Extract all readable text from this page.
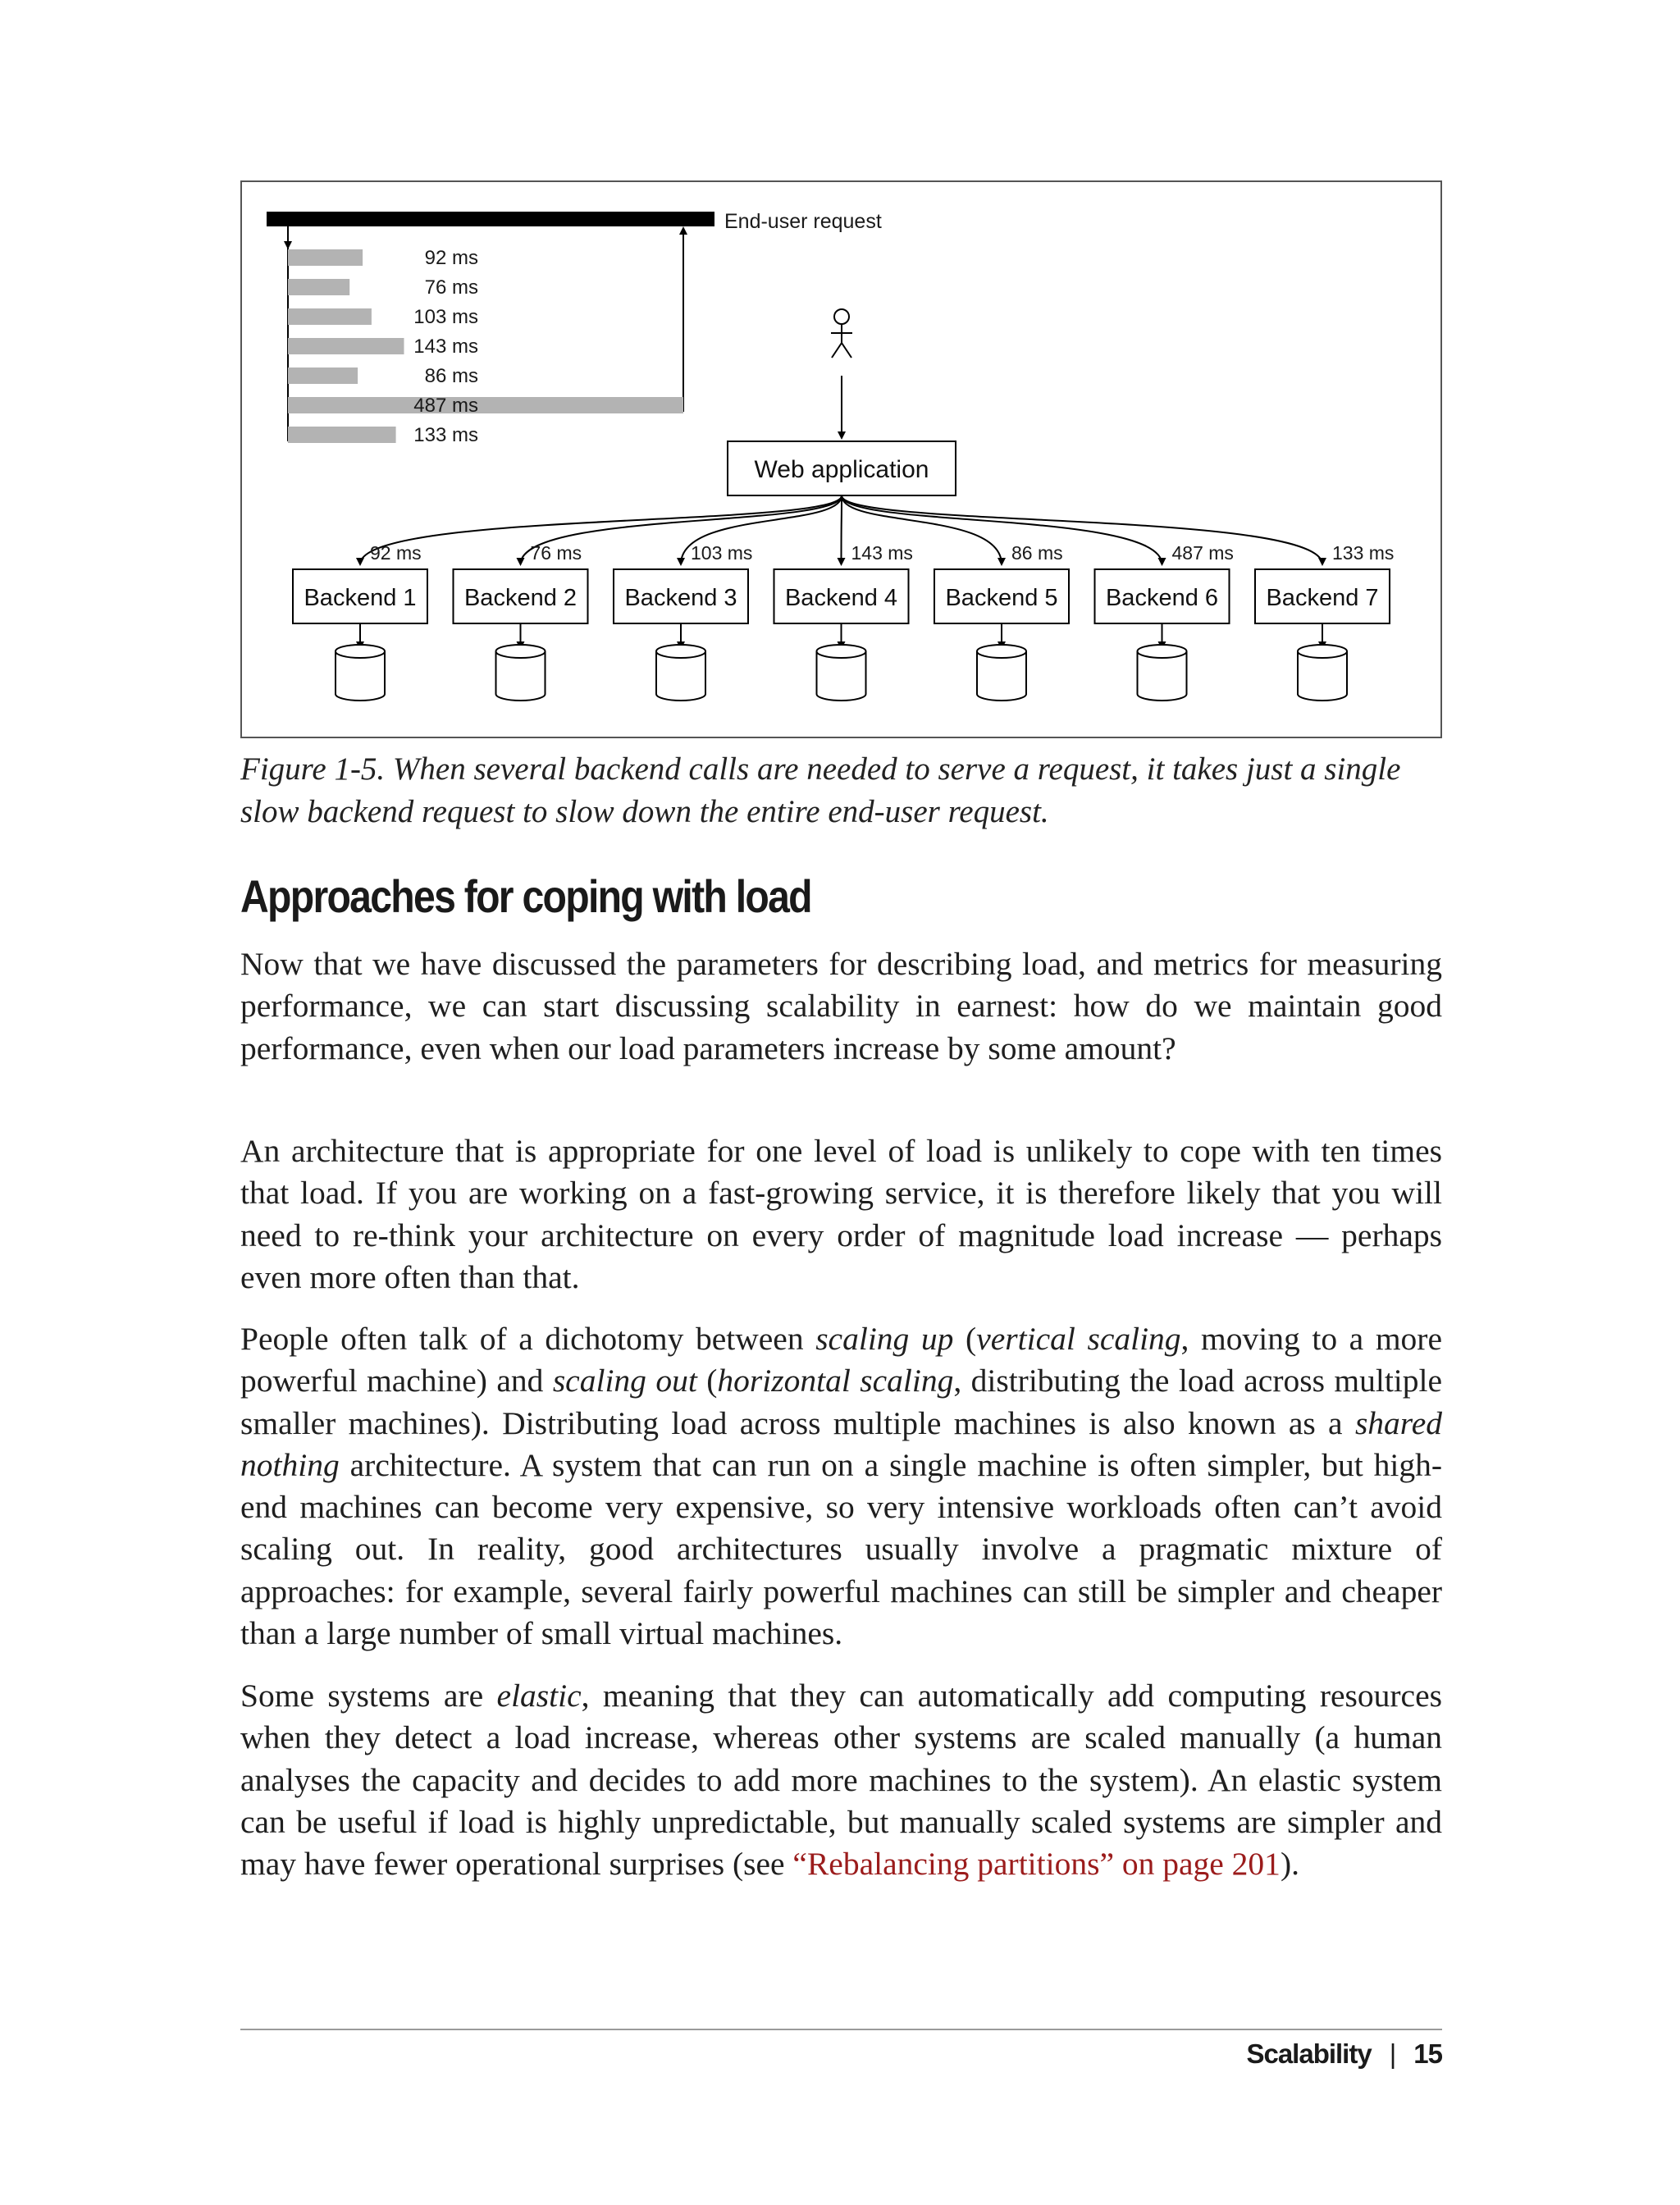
End-user request
92 ms
76 ms
103 ms
143 ms
86 ms
487 ms
133 ms
Web application
92 ms
Backend 1
76 ms
Backend 2
103 ms
Backend 3
143 ms
Backend 4
86 ms
Backend 5
487 ms
Backend 6
133 ms
Backend 7
Figure 1-5. When several backend calls are needed to serve a request, it takes just a single slow backend request to slow down the entire end-user request.
Approaches for coping with load
Now that we have discussed the parameters for describing load, and metrics for measuring performance, we can start discussing scalability in earnest: how do we maintain good performance, even when our load parameters increase by some amount?
An architecture that is appropriate for one level of load is unlikely to cope with ten times that load. If you are working on a fast-growing service, it is therefore likely that you will need to re-think your architecture on every order of magnitude load increase — perhaps even more often than that.
People often talk of a dichotomy between scaling up (vertical scaling, moving to a more powerful machine) and scaling out (horizontal scaling, distributing the load across multiple smaller machines). Distributing load across multiple machines is also known as a shared nothing architecture. A system that can run on a single machine is often simpler, but high-end machines can become very expensive, so very intensive workloads often can’t avoid scaling out. In reality, good architectures usually involve a pragmatic mixture of approaches: for example, several fairly powerful machines can still be simpler and cheaper than a large number of small virtual machines.
Some systems are elastic, meaning that they can automatically add computing resources when they detect a load increase, whereas other systems are scaled manually (a human analyses the capacity and decides to add more machines to the system). An elastic system can be useful if load is highly unpredictable, but manually scaled systems are simpler and may have fewer operational surprises (see “Rebalancing partitions” on page 201).
Scalability | 15
